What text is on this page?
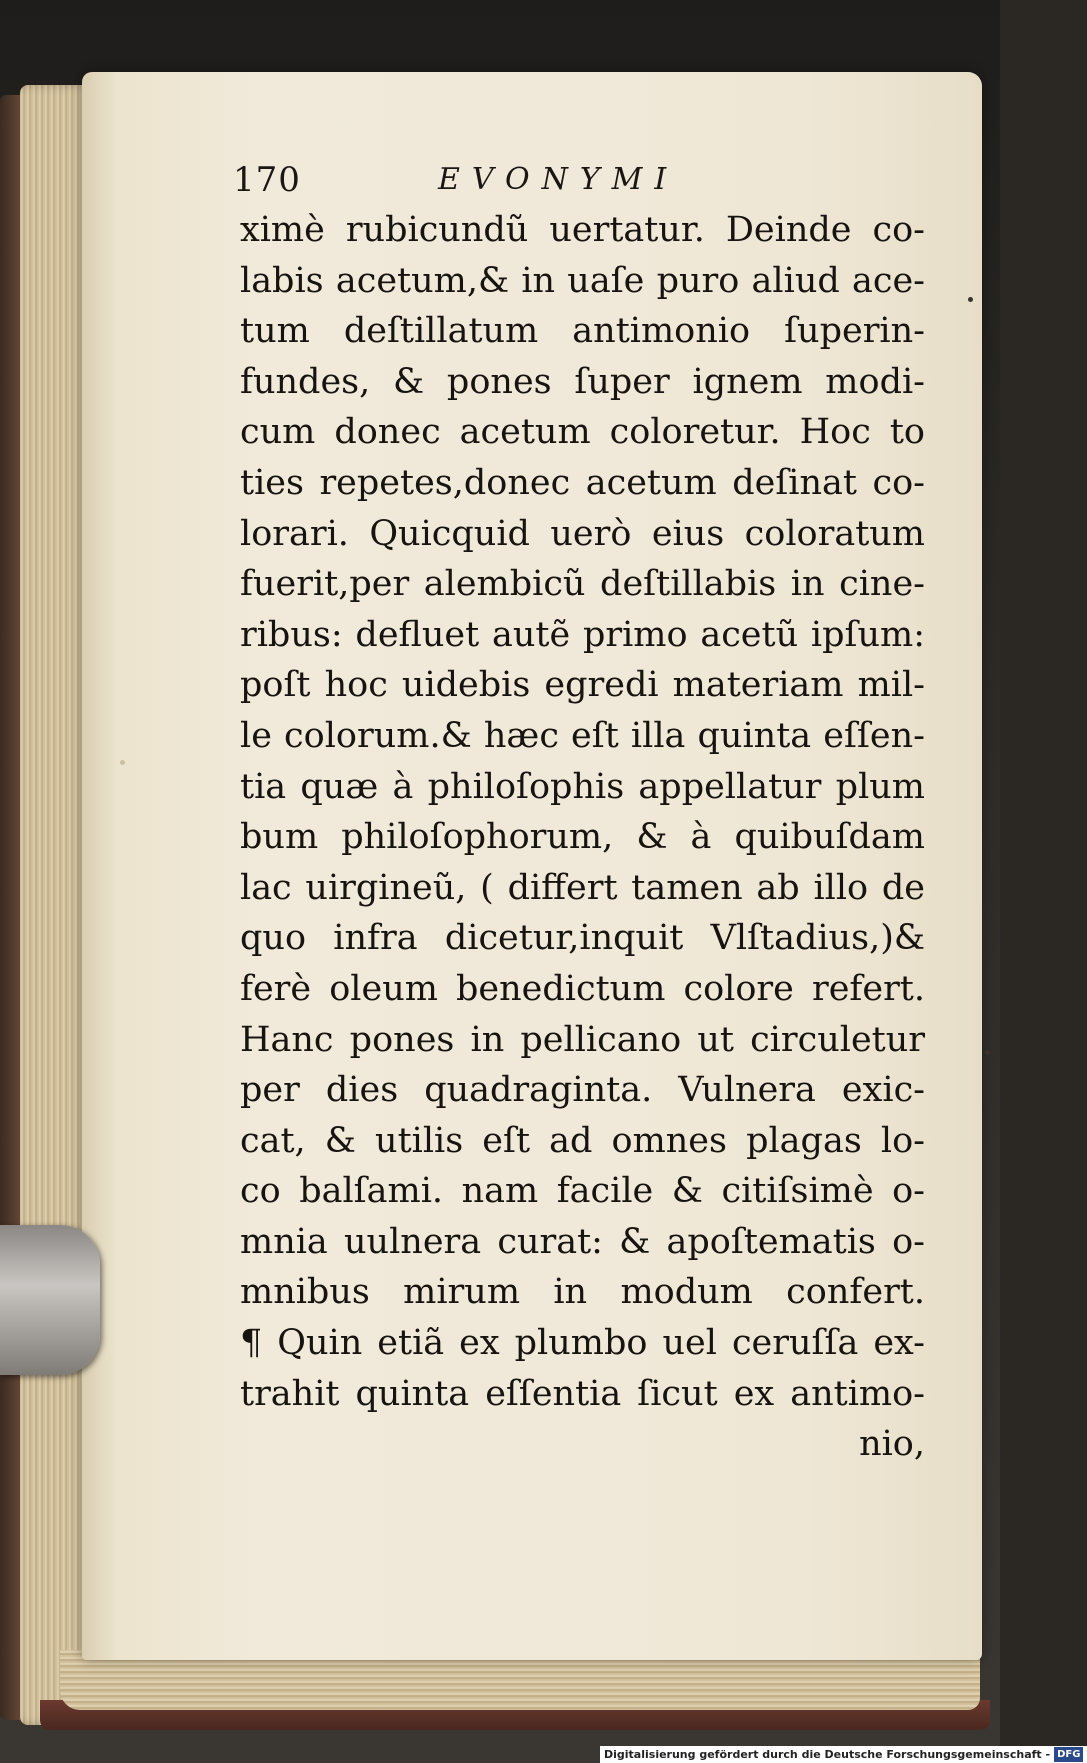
170	EVONYMI
ximè rubicundũ uertatur. Deinde co-
labis acetum,& in uaſe puro aliud ace-
tum deſtillatum antimonio ſuperin-
fundes, & pones ſuper ignem modi-
cum donec acetum coloretur. Hoc to
ties repetes,donec acetum deſinat co-
lorari. Quicquid uerò eius coloratum
fuerit,per alembicũ deſtillabis in cine-
ribus: defluet autẽ primo acetũ ipſum:
poſt hoc uidebis egredi materiam mil-
le colorum.& hæc eſt illa quinta eſſen-
tia quæ à philoſophis appellatur plum
bum philoſophorum, & à quibuſdam
lac uirgineũ, ( differt tamen ab illo de
quo infra dicetur,inquit Vlſtadius,)&
ferè oleum benedictum colore refert.
Hanc pones in pellicano ut circuletur
per dies quadraginta. Vulnera exic-
cat, & utilis eſt ad omnes plagas lo-
co balſami. nam facile & citiſsimè o-
mnia uulnera curat: & apoſtematis o-
mnibus mirum in modum confert.
¶ Quin etiã ex plumbo uel ceruſſa ex-
trahit quinta eſſentia ſicut ex antimo-
nio,
Digitalisierung gefördert durch die Deutsche Forschungsgemeinschaft - DFG
